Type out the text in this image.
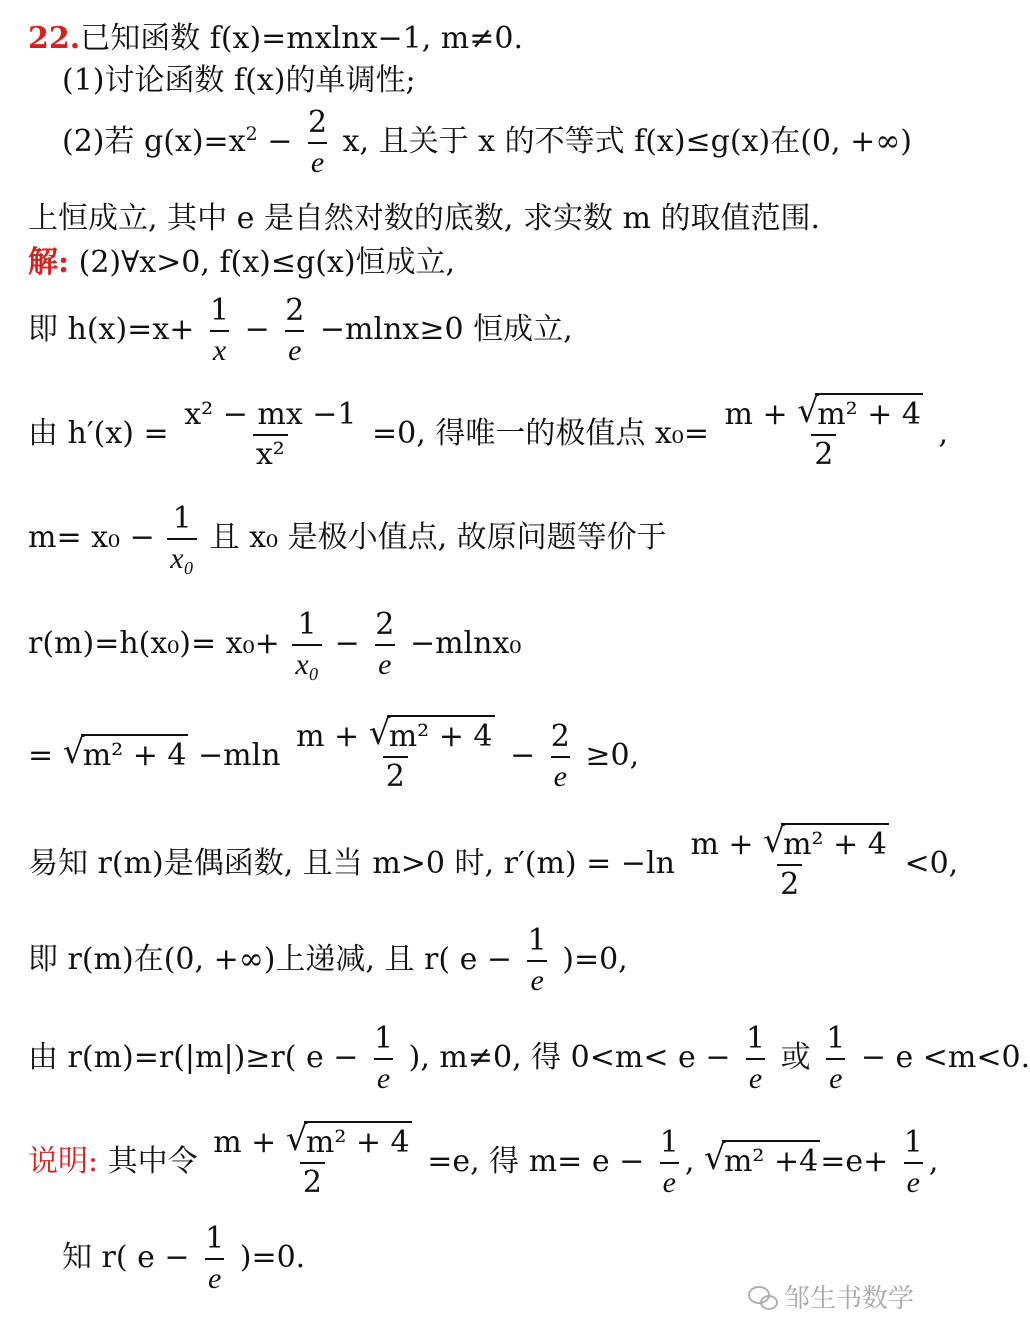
22.已知函数 f(x)=mxlnx−1, m≠0.
(1)讨论函数 f(x)的单调性;
(2)若 $g(x)=x^2 - \frac{2}{e} x$, 且关于 x 的不等式 f(x)≤g(x)在(0, +∞)
上恒成立, 其中 e 是自然对数的底数, 求实数 m 的取值范围.
解: (2)∀x>0, f(x)≤g(x)恒成立,
即 $h(x)=x+ \frac{1}{x} - \frac{2}{e} -mlnx\ge 0$ 恒成立,
由 $h'(x) = \frac{\text{x² − mx −1}}{\text{x²}} =0$, 得唯一的极值点 $x_0= \frac{\text{m + √ m² + 4}}{2}$ ,
$m= x_0 - \frac{1}{\text{x₀}}$ 且 x₀ 是极小值点, 故原问题等价于
$r(m)=h(x_0)= x_0+ \frac{1}{\text{x₀}} - \frac{2}{e} -mlnx_0$
= √ $m^2 + 4 -mln \frac{\text{m + √ m² + 4}}{2} - \frac{2}{e} \ge 0$,
易知 r(m)是偶函数, 且当 m>0 时, $r'(m) = -\ln \frac{\text{m + √ m² + 4}}{2} <0$,
即 r(m)在(0, +∞)上递减, 且 r( $e - \frac{1}{e} )=0$,
由 r(m)=r(|m|)≥r( $e - \frac{1}{e}$ ), m≠0, 得 $0<m< e - \frac{1}{e}$ 或 $\frac{1}{e} - e <m<0$.
说明: 其中令 $\frac{\text{m + √ m² + 4}}{2} =e$, 得 $m= e - \frac{1}{e}$ , √ $m^2 +4=e+ \frac{1}{e}$ ,
知 r( $e - \frac{1}{e} )=0$.
邹生书数学
